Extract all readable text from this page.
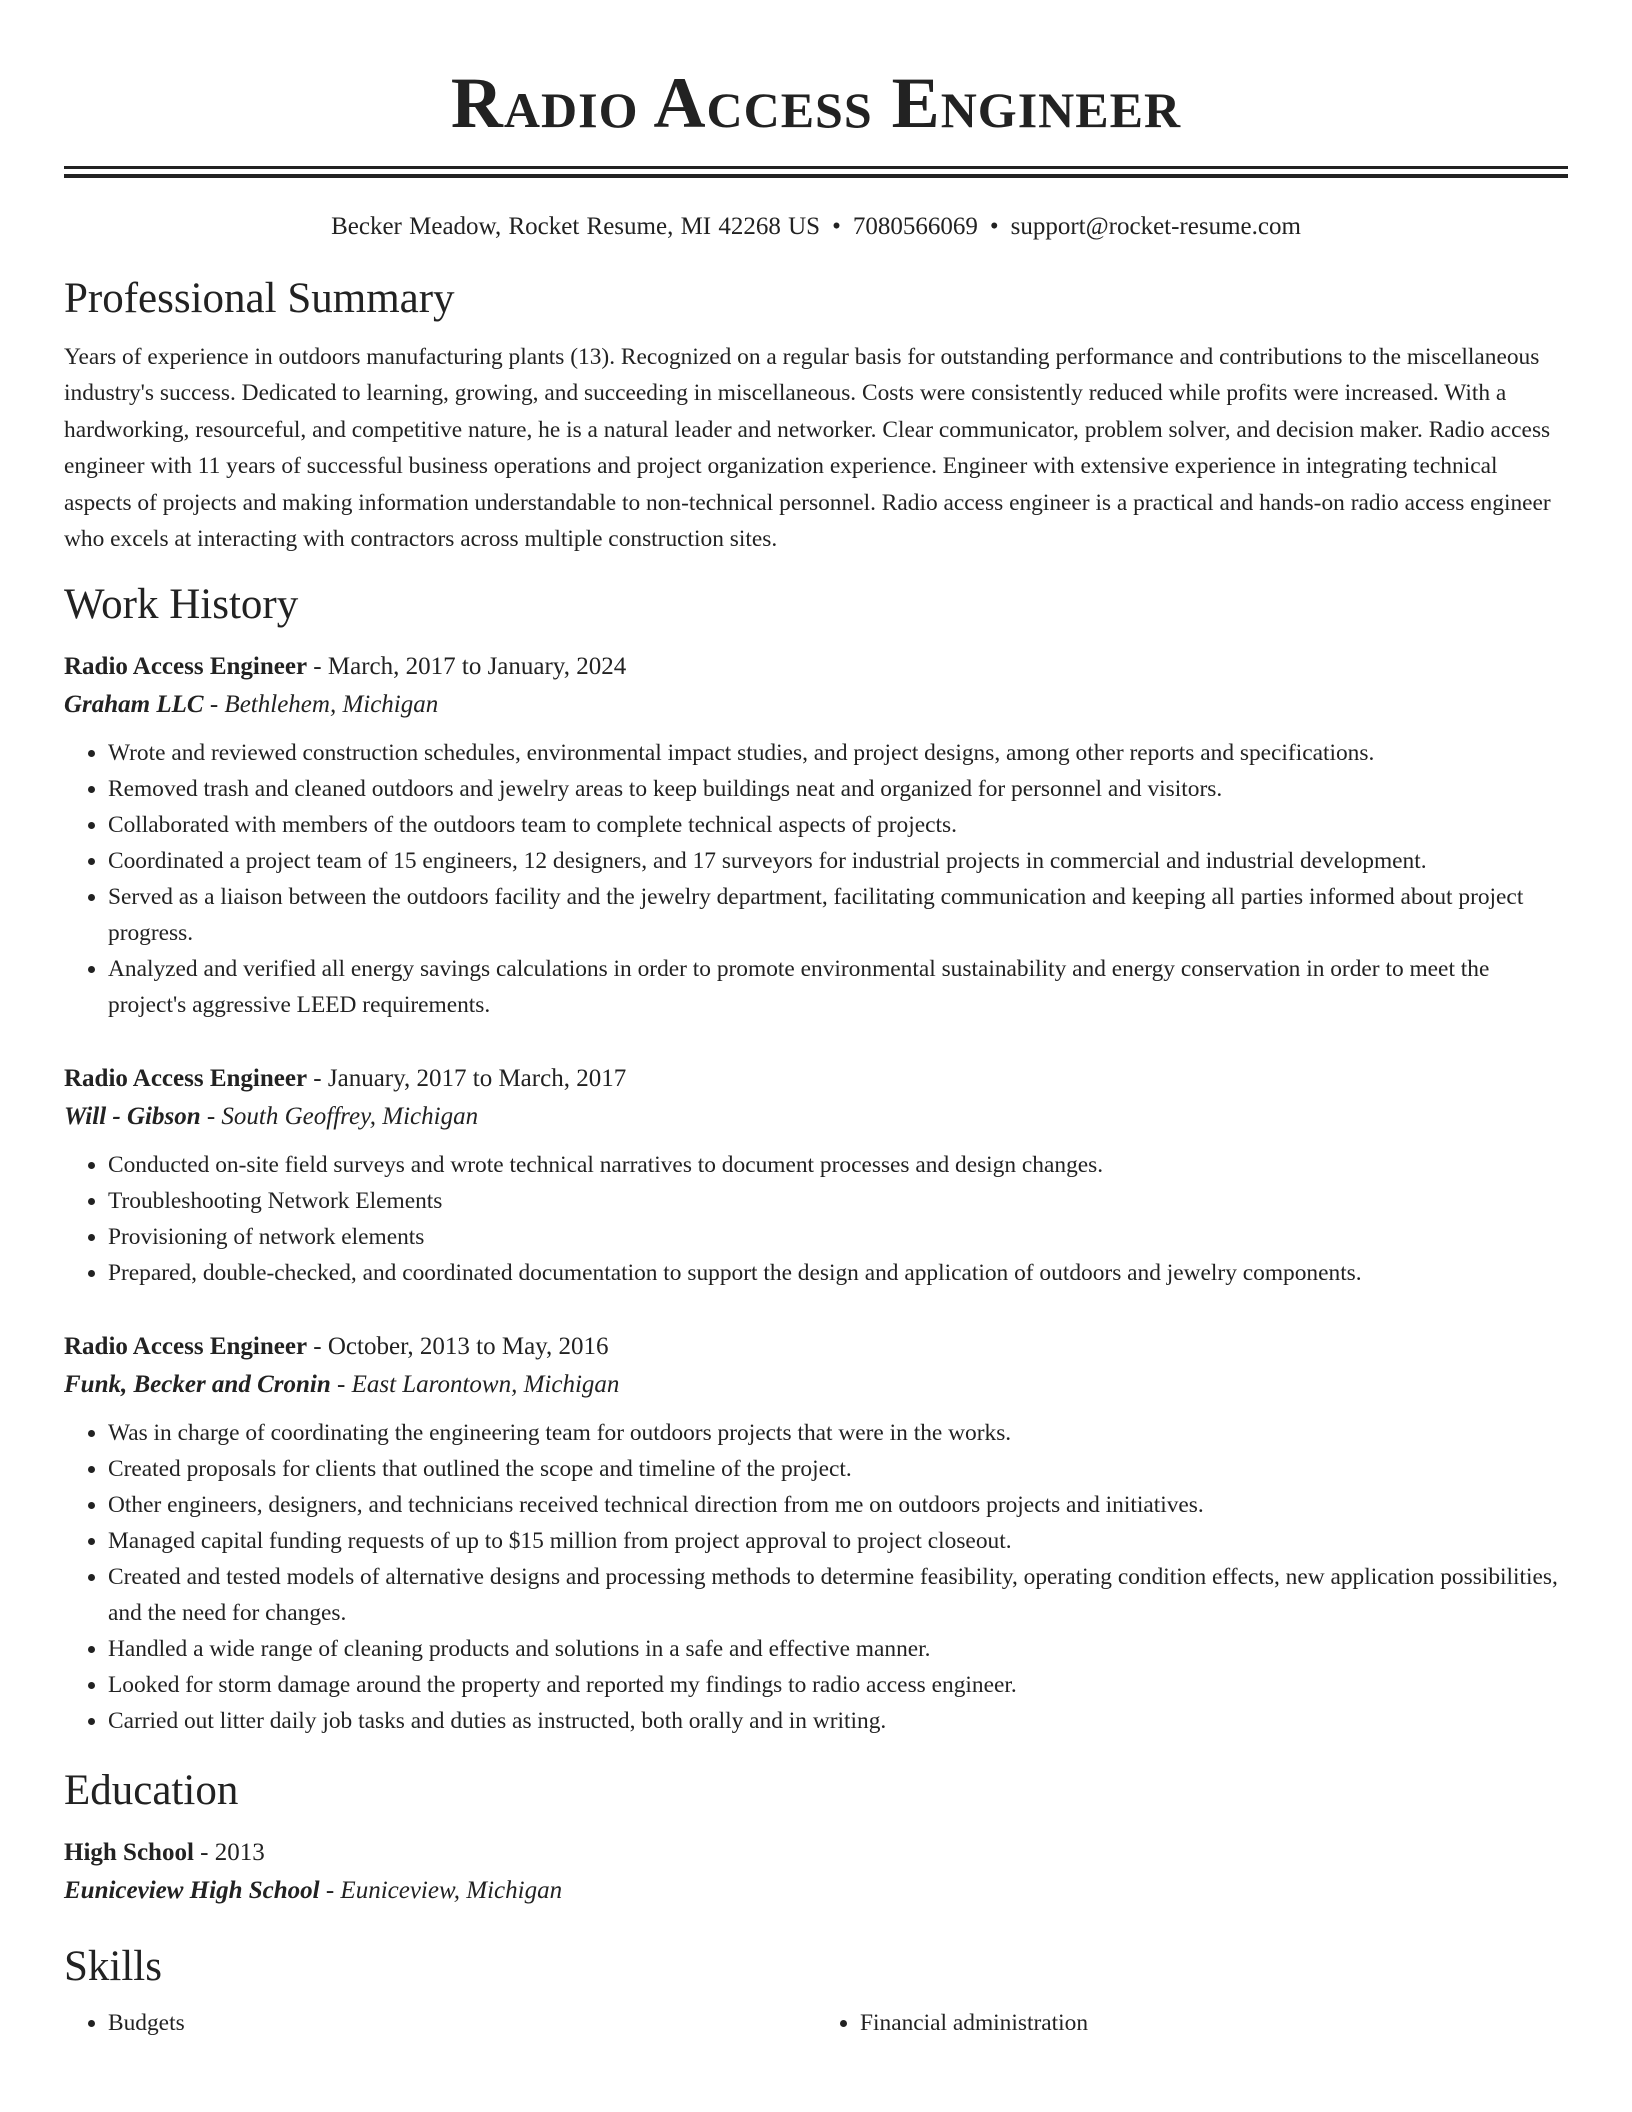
Radio Access Engineer
Becker Meadow, Rocket Resume, MI 42268 US • 7080566069 • support@rocket-resume.com
Professional Summary

Years of experience in outdoors manufacturing plants (13). Recognized on a regular basis for outstanding performance and contributions to the miscellaneous industry's success. Dedicated to learning, growing, and succeeding in miscellaneous. Costs were consistently reduced while profits were increased. With a hardworking, resourceful, and competitive nature, he is a natural leader and networker. Clear communicator, problem solver, and decision maker. Radio access engineer with 11 years of successful business operations and project organization experience. Engineer with extensive experience in integrating technical aspects of projects and making information understandable to non-technical personnel. Radio access engineer is a practical and hands-on radio access engineer who excels at interacting with contractors across multiple construction sites.

Work History
Radio Access Engineer - March, 2017 to January, 2024
Graham LLC - Bethlehem, Michigan
• Wrote and reviewed construction schedules, environmental impact studies, and project designs, among other reports and specifications.
• Removed trash and cleaned outdoors and jewelry areas to keep buildings neat and organized for personnel and visitors.
• Collaborated with members of the outdoors team to complete technical aspects of projects.
• Coordinated a project team of 15 engineers, 12 designers, and 17 surveyors for industrial projects in commercial and industrial development.
• Served as a liaison between the outdoors facility and the jewelry department, facilitating communication and keeping all parties informed about project progress.
• Analyzed and verified all energy savings calculations in order to promote environmental sustainability and energy conservation in order to meet the project's aggressive LEED requirements.
Radio Access Engineer - January, 2017 to March, 2017
Will - Gibson - South Geoffrey, Michigan
• Conducted on-site field surveys and wrote technical narratives to document processes and design changes.
• Troubleshooting Network Elements
• Provisioning of network elements
• Prepared, double-checked, and coordinated documentation to support the design and application of outdoors and jewelry components.
Radio Access Engineer - October, 2013 to May, 2016
Funk, Becker and Cronin - East Larontown, Michigan
• Was in charge of coordinating the engineering team for outdoors projects that were in the works.
• Created proposals for clients that outlined the scope and timeline of the project.
• Other engineers, designers, and technicians received technical direction from me on outdoors projects and initiatives.
• Managed capital funding requests of up to $15 million from project approval to project closeout.
• Created and tested models of alternative designs and processing methods to determine feasibility, operating condition effects, new application possibilities, and the need for changes.
• Handled a wide range of cleaning products and solutions in a safe and effective manner.
• Looked for storm damage around the property and reported my findings to radio access engineer.
• Carried out litter daily job tasks and duties as instructed, both orally and in writing.
Education
High School - 2013
Euniceview High School - Euniceview, Michigan
Skills
• Budgets
•	Financial administration
